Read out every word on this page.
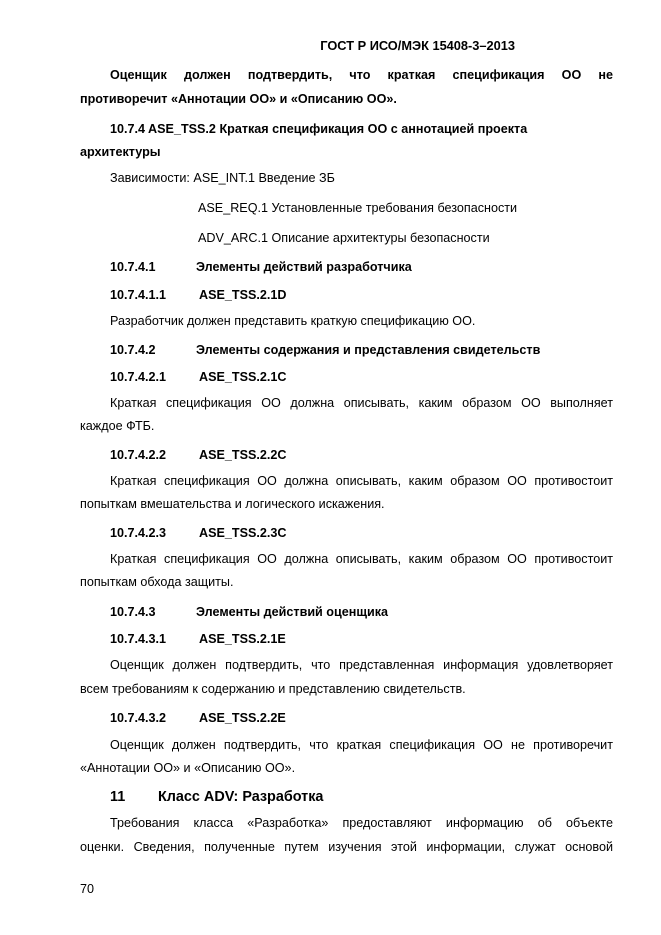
ГОСТ Р ИСО/МЭК 15408-3–2013
Оценщик должен подтвердить, что краткая спецификация ОО не
противоречит «Аннотации ОО» и «Описанию ОО».
10.7.4 ASE_TSS.2 Краткая спецификация ОО с аннотацией проекта
архитектуры
Зависимости: ASE_INT.1 Введение ЗБ
ASE_REQ.1 Установленные требования безопасности
ADV_ARC.1 Описание архитектуры безопасности
10.7.4.1	Элементы действий разработчика
10.7.4.1.1	ASE_TSS.2.1D
Разработчик должен представить краткую спецификацию ОО.
10.7.4.2	Элементы содержания и представления свидетельств
10.7.4.2.1	ASE_TSS.2.1C
Краткая спецификация ОО должна описывать, каким образом ОО выполняет
каждое ФТБ.
10.7.4.2.2	ASE_TSS.2.2C
Краткая спецификация ОО должна описывать, каким образом ОО противостоит
попыткам вмешательства и логического искажения.
10.7.4.2.3	ASE_TSS.2.3C
Краткая спецификация ОО должна описывать, каким образом ОО противостоит
попыткам обхода защиты.
10.7.4.3	Элементы действий оценщика
10.7.4.3.1	ASE_TSS.2.1E
Оценщик должен подтвердить, что представленная информация удовлетворяет
всем требованиям к содержанию и представлению свидетельств.
10.7.4.3.2	ASE_TSS.2.2E
Оценщик должен подтвердить, что краткая спецификация ОО не противоречит
«Аннотации ОО» и «Описанию ОО».
11 Класс ADV: Разработка
Требования класса «Разработка» предоставляют информацию об объекте
оценки. Сведения, полученные путем изучения этой информации, служат основой
70
